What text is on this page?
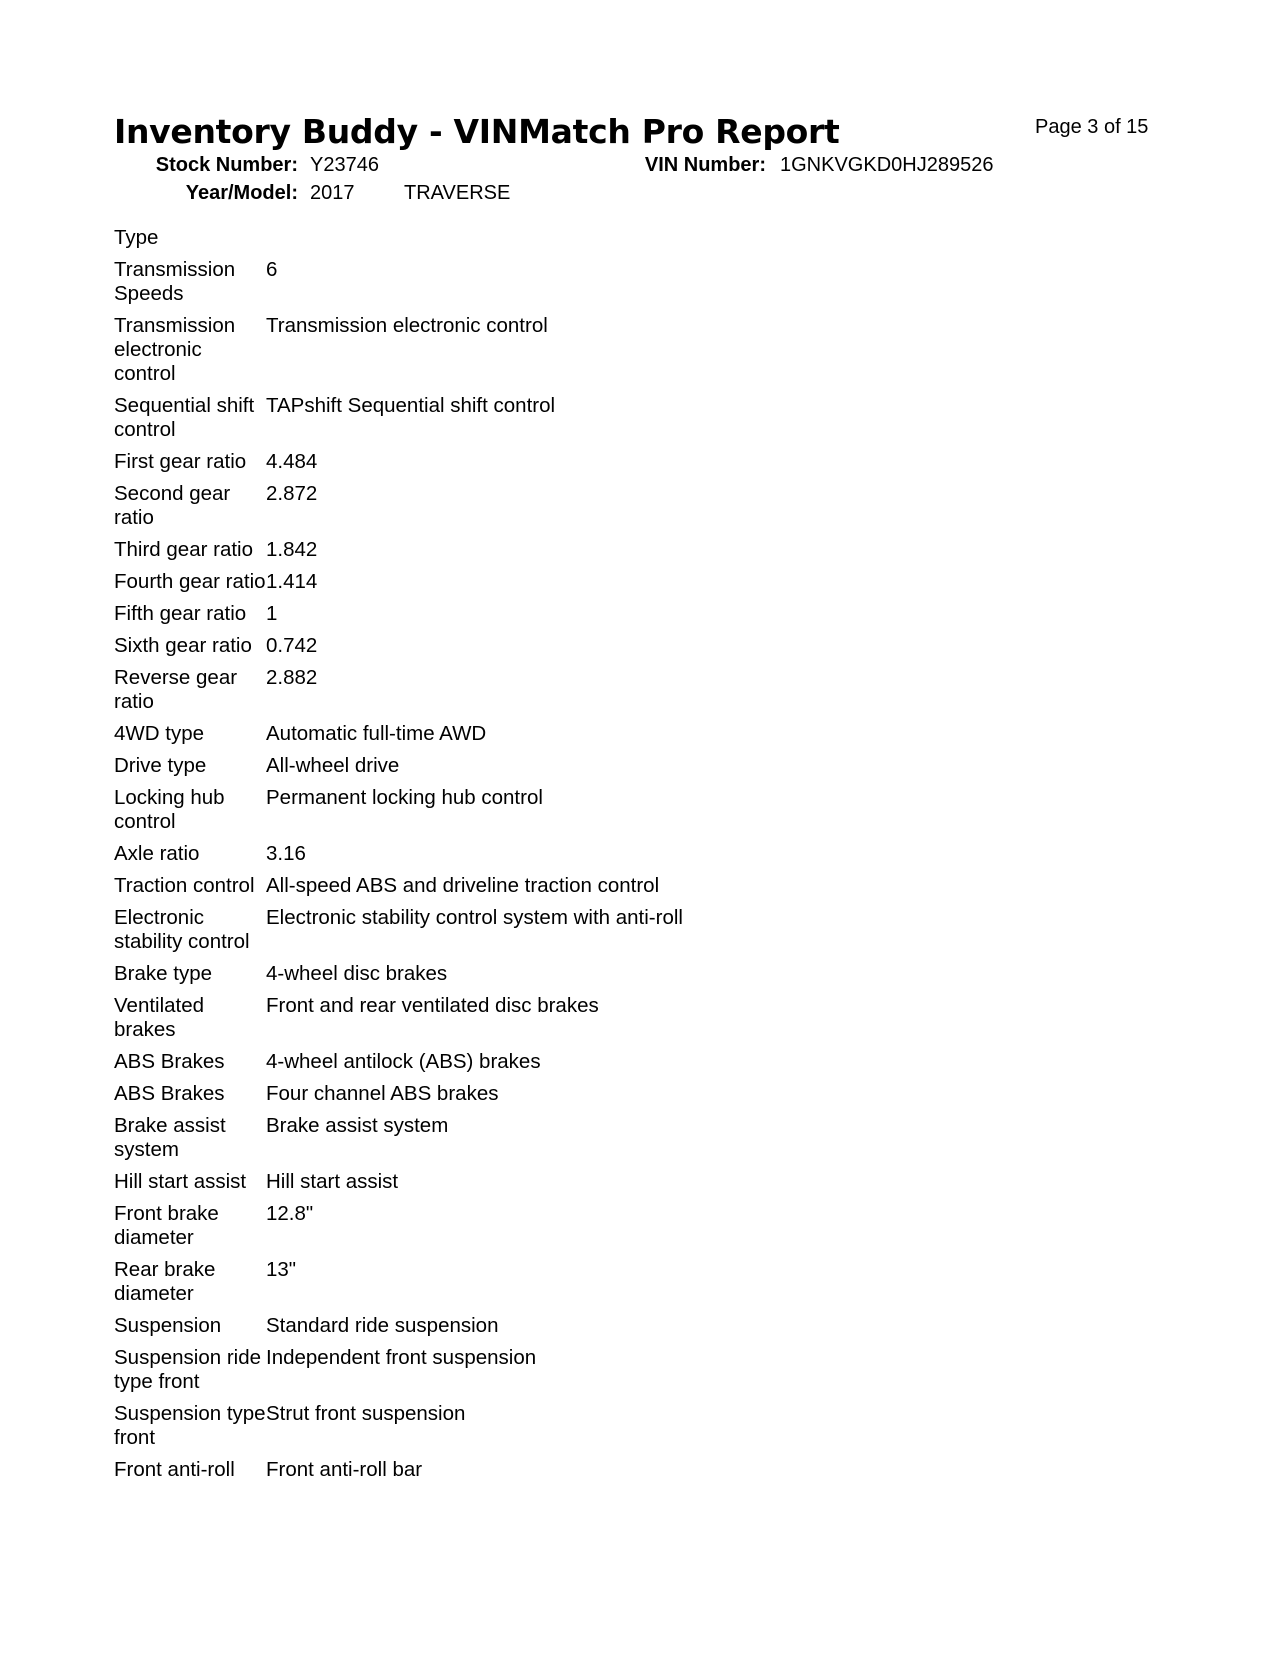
Inventory Buddy - VINMatch Pro Report	Page 3 of 15
Stock Number: Y23746	VIN Number: 1GNKVGKD0HJ289526
Year/Model: 2017 TRAVERSE
Type	
Transmission Speeds	6
Transmission electronic control	Transmission electronic control
Sequential shift control	TAPshift Sequential shift control
First gear ratio	4.484
Second gear ratio	2.872
Third gear ratio	1.842
Fourth gear ratio	1.414
Fifth gear ratio	1
Sixth gear ratio	0.742
Reverse gear ratio	2.882
4WD type	Automatic full-time AWD
Drive type	All-wheel drive
Locking hub control	Permanent locking hub control
Axle ratio	3.16
Traction control	All-speed ABS and driveline traction control
Electronic stability control	Electronic stability control system with anti-roll
Brake type	4-wheel disc brakes
Ventilated brakes	Front and rear ventilated disc brakes
ABS Brakes	4-wheel antilock (ABS) brakes
ABS Brakes	Four channel ABS brakes
Brake assist system	Brake assist system
Hill start assist	Hill start assist
Front brake diameter	12.8"
Rear brake diameter	13"
Suspension	Standard ride suspension
Suspension ride type front	Independent front suspension
Suspension type front	Strut front suspension
Front anti-roll	Front anti-roll bar
